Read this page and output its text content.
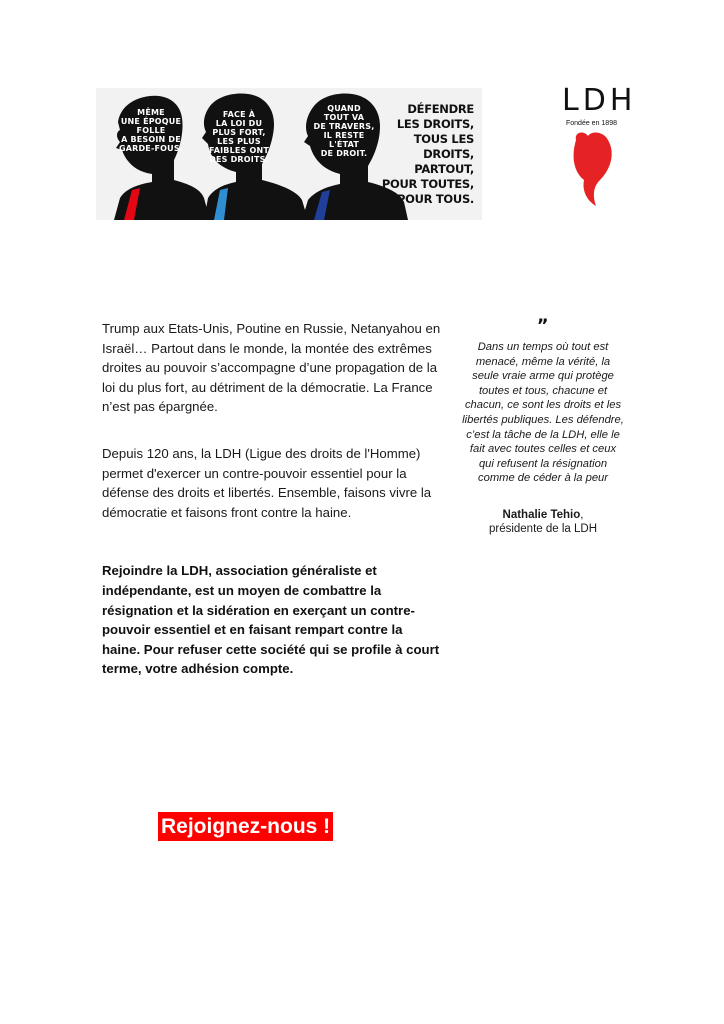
MÊME
UNE ÉPOQUE
FOLLE
A BESOIN DE
GARDE-FOUS.
FACE À
LA LOI DU
PLUS FORT,
LES PLUS
FAIBLES ONT
DES DROITS.
QUAND
TOUT VA
DE TRAVERS,
IL RESTE
L'ÉTAT
DE DROIT.
DÉFENDRE
LES DROITS,
TOUS LES DROITS,
PARTOUT,
POUR TOUTES,
POUR TOUS.
LDH
Fondée en 1898

Trump aux Etats-Unis, Poutine en Russie, Netanyahou en Israël… Partout dans le monde, la montée des extrêmes droites au pouvoir s’accompagne d’une propagation de la loi du plus fort, au détriment de la démocratie. La France n’est pas épargnée.

Depuis 120 ans, la LDH (Ligue des droits de l'Homme) permet d'exercer un contre-pouvoir essentiel pour la défense des droits et libertés. Ensemble, faisons vivre la démocratie et faisons front contre la haine.

Rejoindre la LDH, association généraliste et indépendante, est un moyen de combattre la résignation et la sidération en exerçant un contre-pouvoir essentiel et en faisant rempart contre la haine. Pour refuser cette société qui se profile à court terme, votre adhésion compte.

„

Dans un temps où tout est menacé, même la vérité, la seule vraie arme qui protège toutes et tous, chacune et chacun, ce sont les droits et les libertés publiques. Les défendre, c’est la tâche de la LDH, elle le fait avec toutes celles et ceux qui refusent la résignation comme de céder à la peur

Nathalie Tehio,
présidente de la LDH
Rejoignez-nous !
